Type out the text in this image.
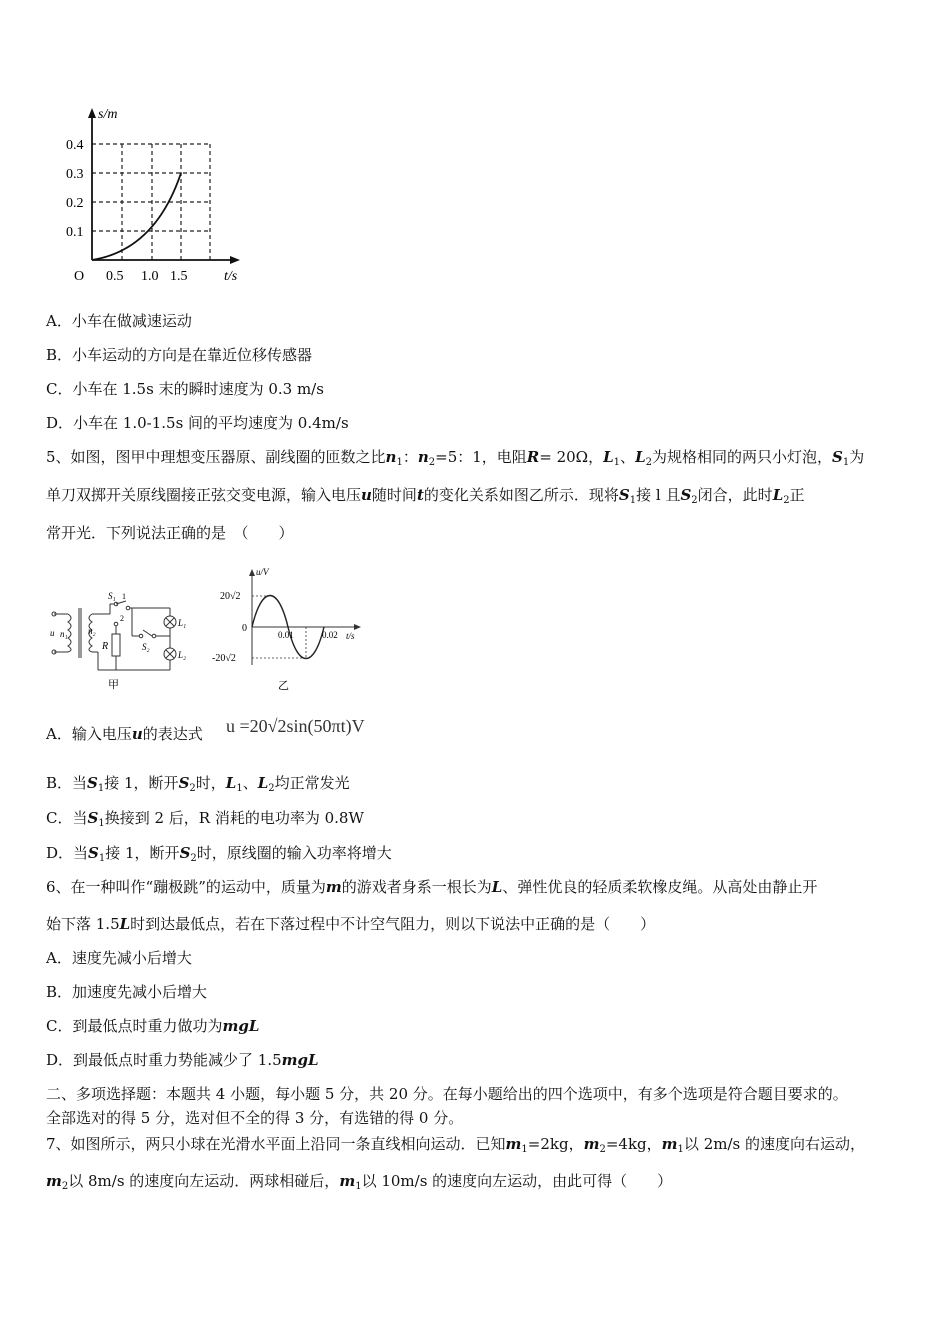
s/m
t/s
O
0.4
0.3
0.2
0.1
0.5 1.0 1.5
A．小车在做减速运动
B．小车运动的方向是在靠近位移传感器
C．小车在 1.5s 末的瞬时速度为 0.3 m/s
D．小车在 1.0-1.5s 间的平均速度为 0.4m/s
5、如图，图甲中理想变压器原、副线圈的匝数之比$n_1$：$n_2=5$：1，电阻R= 20Ω，$L_1$、$L_2$为规格相同的两只小灯泡，$S_1$为
单刀双掷开关原线圈接正弦交变电源，输入电压u随时间t的变化关系如图乙所示．现将$S_1$接 l 且$S_2$闭合，此时$L_2$正
常开光．下列说法正确的是　（　　）
u n₁ n₂
S₁ 1
2
R	S₂
L₁
L₂
甲
u/V
t/s
20√2
-20√2
0
0.01	0.02
乙
A．输入电压u的表达式 u =20√2sin(50πt)V
B．当$S_1$接 1，断开$S_2$时，$L_1$、$L_2$均正常发光
C．当$S_1$换接到 2 后，R 消耗的电功率为 0.8W
D．当$S_1$接 1，断开$S_2$时，原线圈的输入功率将增大
6、在一种叫作“蹦极跳”的运动中，质量为m的游戏者身系一根长为L、弹性优良的轻质柔软橡皮绳。从高处由静止开
始下落 1.5L时到达最低点，若在下落过程中不计空气阻力，则以下说法中正确的是（　　）
A．速度先减小后增大
B．加速度先减小后增大
C．到最低点时重力做功为mgL
D．到最低点时重力势能减少了 1.5mgL
二、多项选择题：本题共 4 小题，每小题 5 分，共 20 分。在每小题给出的四个选项中，有多个选项是符合题目要求的。
全部选对的得 5 分，选对但不全的得 3 分，有选错的得 0 分。
7、如图所示，两只小球在光滑水平面上沿同一条直线相向运动．已知$m_1=2kg$，$m_2=4kg$，$m_1$以 2m/s 的速度向右运动，
$m_2$以 8m/s 的速度向左运动．两球相碰后，$m_1$以 10m/s 的速度向左运动，由此可得（　　）
